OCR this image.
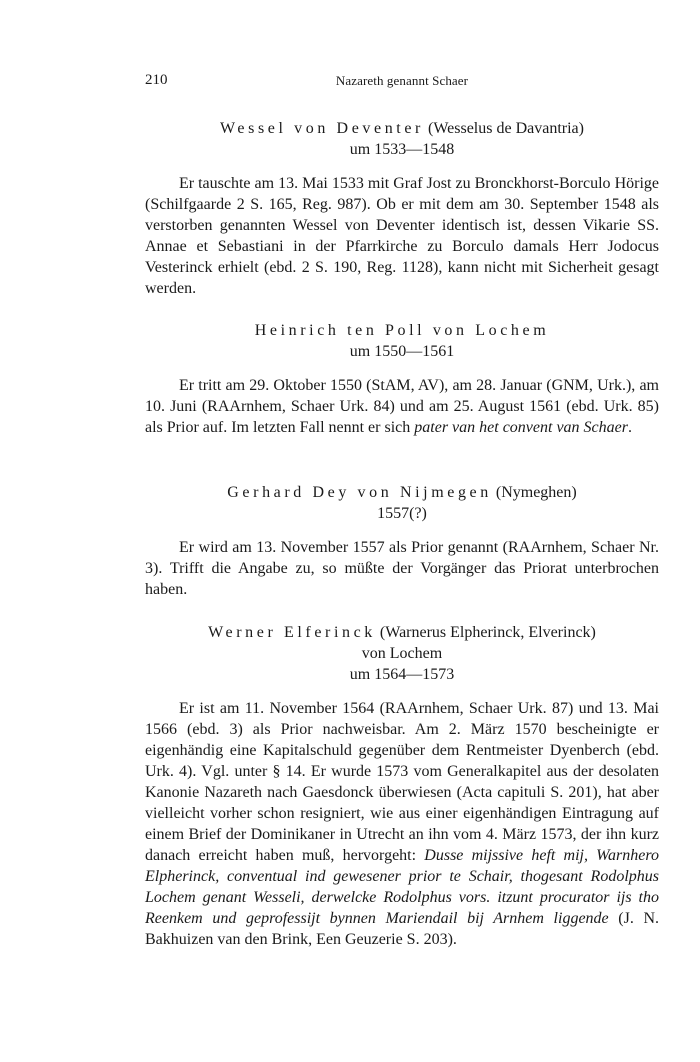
210	Nazareth genannt Schaer
Wessel von Deventer (Wesselus de Davantria)
um 1533—1548

Er tauschte am 13. Mai 1533 mit Graf Jost zu Bronckhorst-Borculo Hörige (Schilfgaarde 2 S. 165, Reg. 987). Ob er mit dem am 30. September 1548 als verstorben genannten Wessel von Deventer identisch ist, dessen Vikarie SS. Annae et Sebastiani in der Pfarrkirche zu Borculo damals Herr Jodocus Vesterinck erhielt (ebd. 2 S. 190, Reg. 1128), kann nicht mit Sicherheit gesagt werden.

Heinrich ten Poll von Lochem
um 1550—1561

Er tritt am 29. Oktober 1550 (StAM, AV), am 28. Januar (GNM, Urk.), am 10. Juni (RAArnhem, Schaer Urk. 84) und am 25. August 1561 (ebd. Urk. 85) als Prior auf. Im letzten Fall nennt er sich pater van het convent van Schaer.

Gerhard Dey von Nijmegen (Nymeghen)
1557(?)

Er wird am 13. November 1557 als Prior genannt (RAArnhem, Schaer Nr. 3). Trifft die Angabe zu, so müßte der Vorgänger das Priorat unterbrochen haben.

Werner Elferinck (Warnerus Elpherinck, Elverinck)
von Lochem
um 1564—1573

Er ist am 11. November 1564 (RAArnhem, Schaer Urk. 87) und 13. Mai 1566 (ebd. 3) als Prior nachweisbar. Am 2. März 1570 bescheinigte er eigenhändig eine Kapitalschuld gegenüber dem Rentmeister Dyenberch (ebd. Urk. 4). Vgl. unter § 14. Er wurde 1573 vom Generalkapitel aus der desolaten Kanonie Nazareth nach Gaesdonck überwiesen (Acta capituli S. 201), hat aber vielleicht vorher schon resigniert, wie aus einer eigenhändigen Eintragung auf einem Brief der Dominikaner in Utrecht an ihn vom 4. März 1573, der ihn kurz danach erreicht haben muß, hervorgeht: Dusse mijssive heft mij, Warnhero Elpherinck, conventual ind gewesener prior te Schair, thogesant Rodolphus Lochem genant Wesseli, derwelcke Rodolphus vors. itzunt procurator ijs tho Reenkem und geprofessijt bynnen Mariendail bij Arnhem liggende (J. N. Bakhuizen van den Brink, Een Geuzerie S. 203).
